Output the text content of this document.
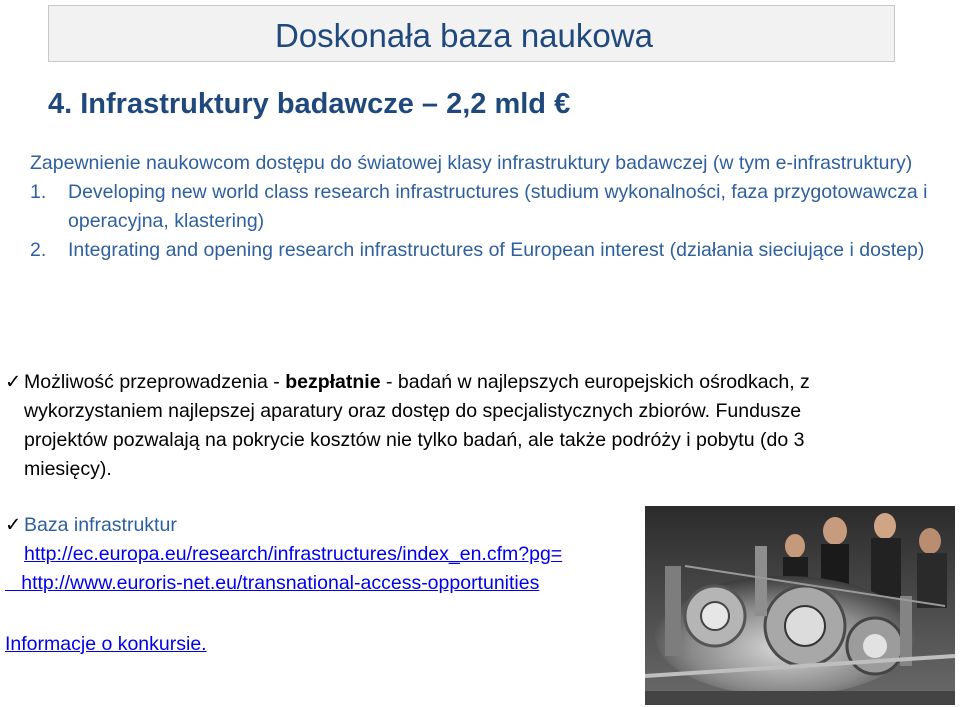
Doskonała baza naukowa
4. Infrastruktury badawcze – 2,2 mld €
Zapewnienie naukowcom dostępu do światowej klasy infrastruktury badawczej (w tym e-infrastruktury)
1.	Developing new world class research infrastructures (studium wykonalności, faza przygotowawcza i operacyjna, klastering)
2.	Integrating and opening research infrastructures of European interest (działania sieciujące i dostep)
✓ Możliwość przeprowadzenia - bezpłatnie - badań w najlepszych europejskich ośrodkach, z wykorzystaniem najlepszej aparatury oraz dostęp do specjalistycznych zbiorów. Fundusze projektów pozwalają na pokrycie kosztów nie tylko badań, ale także podróży i pobytu (do 3 miesięcy).
✓ Baza infrastruktur
http://ec.europa.eu/research/infrastructures/index_en.cfm?pg=
http://www.euroris-net.eu/transnational-access-opportunities
Informacje o konkursie.
